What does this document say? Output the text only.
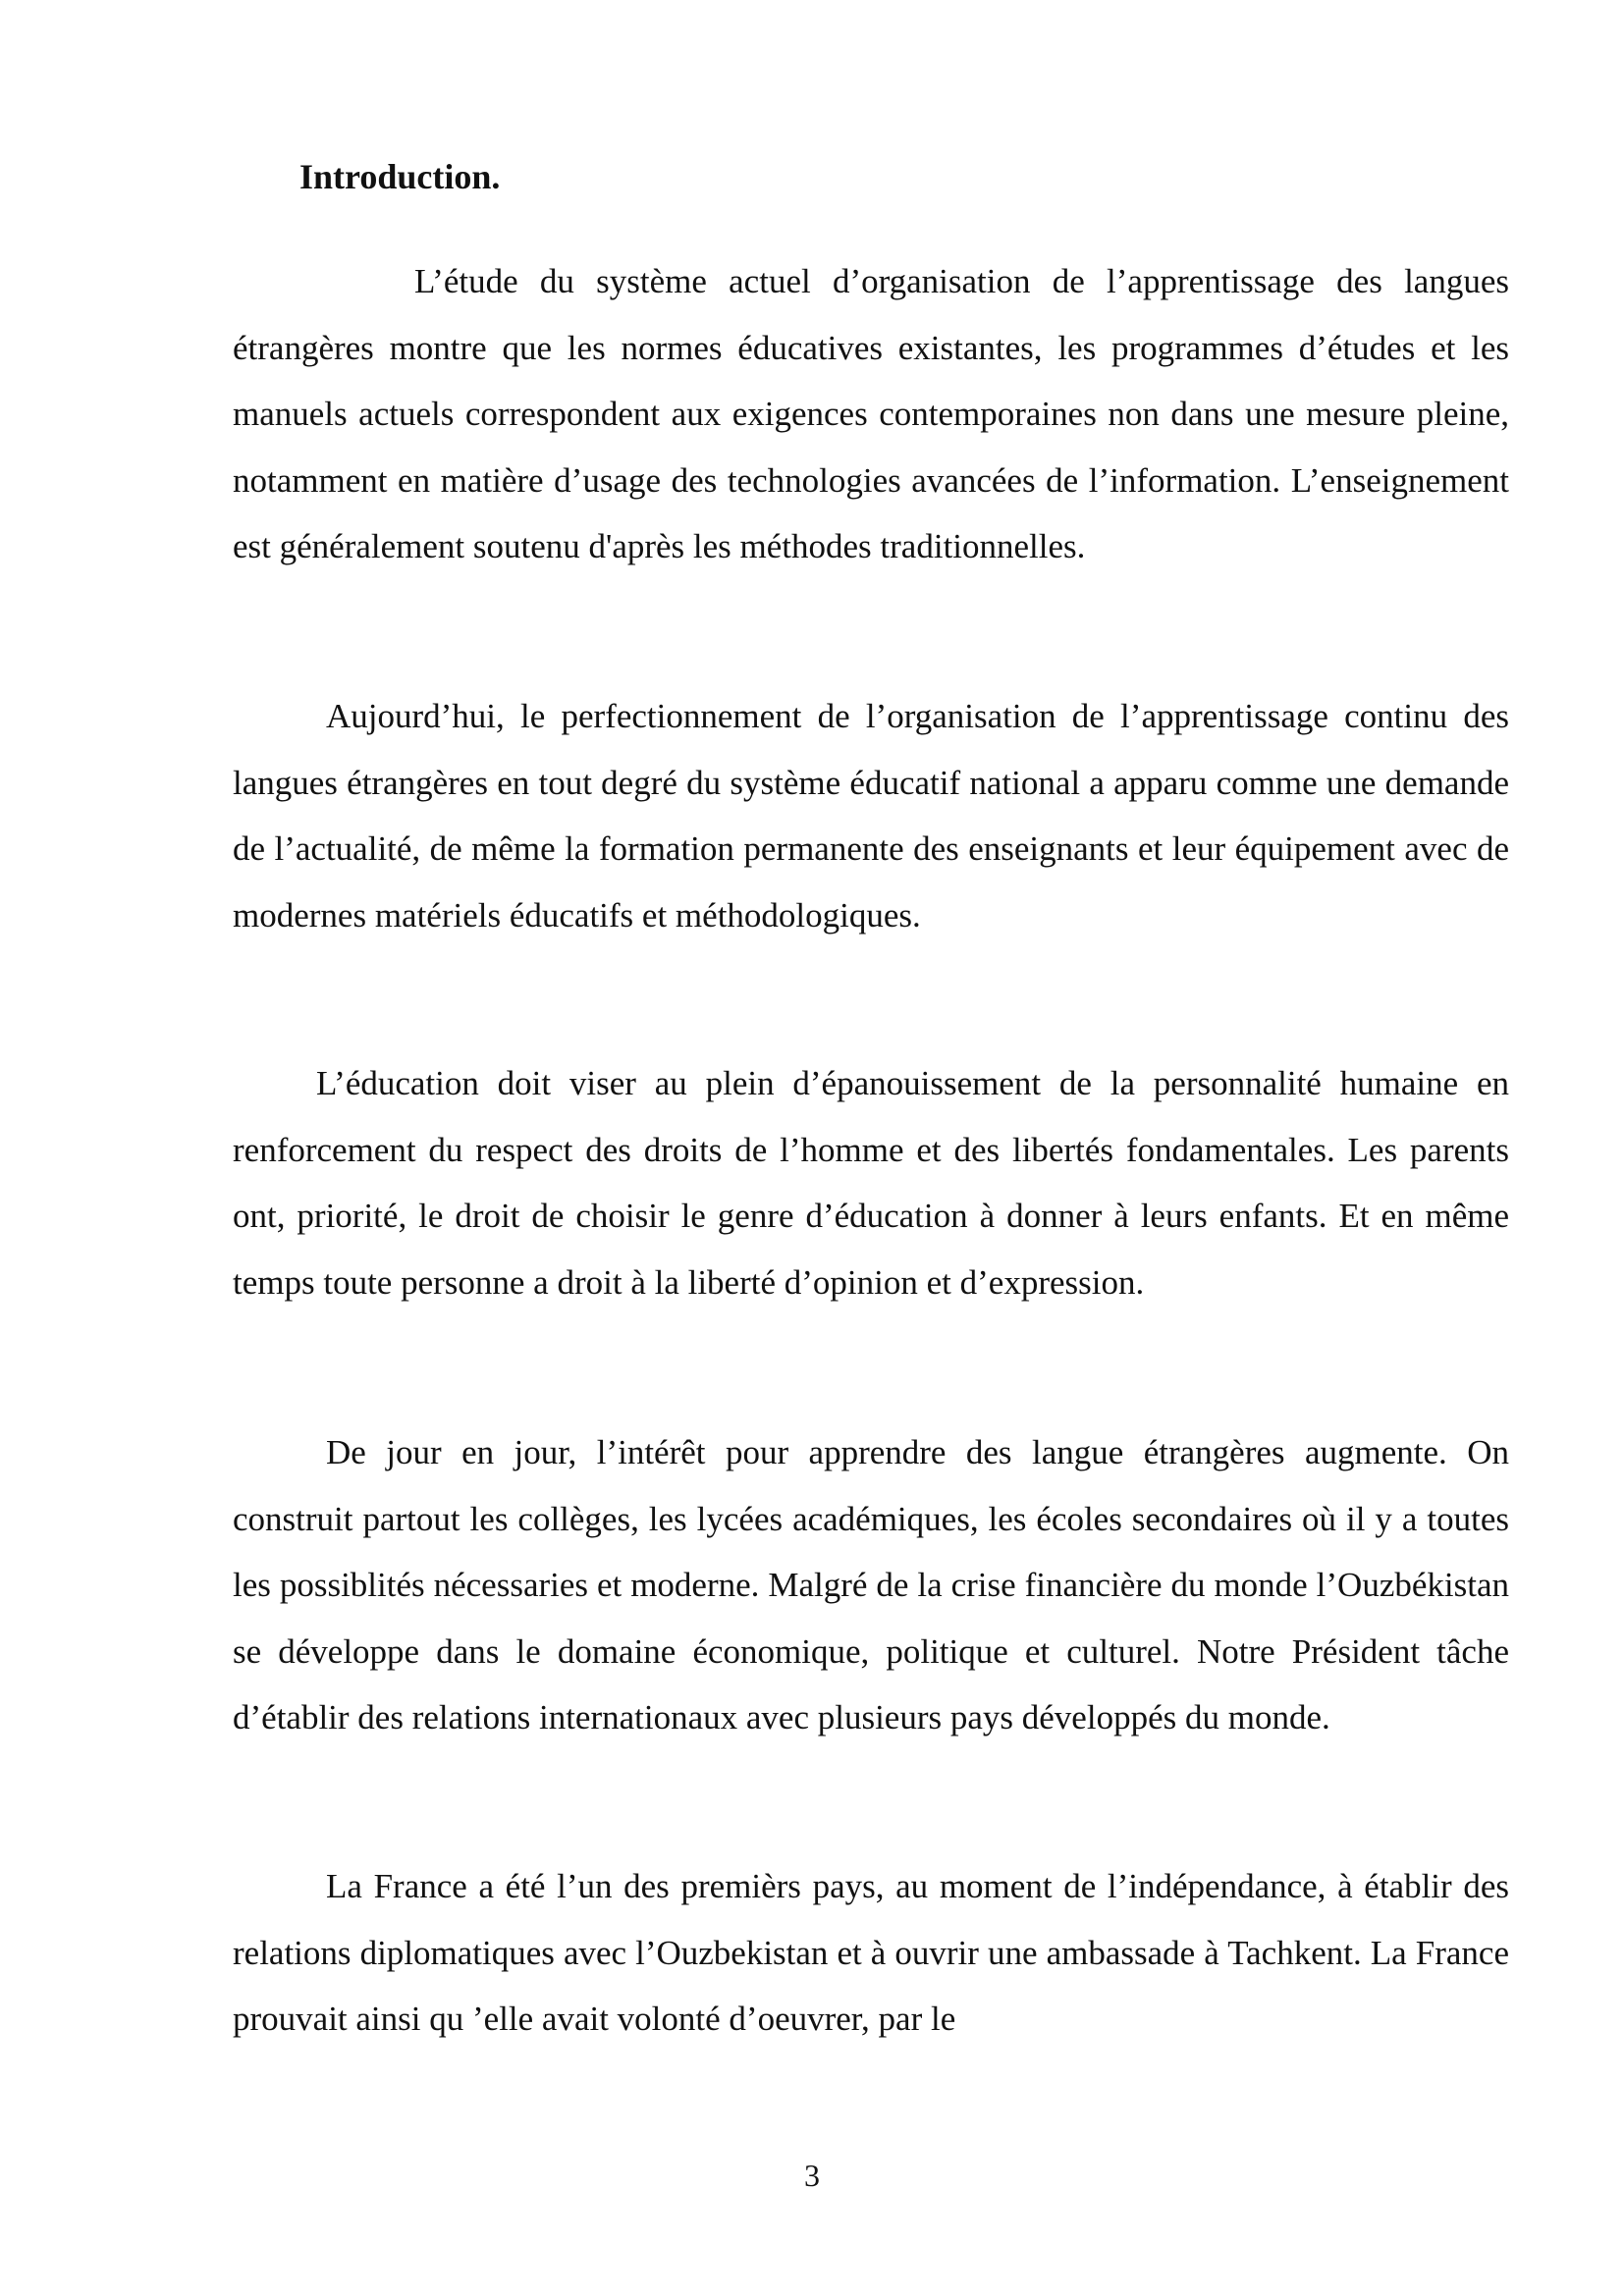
Introduction.

L’étude du système actuel d’organisation de l’apprentissage des langues étrangères montre que les normes éducatives existantes, les programmes d’études et les manuels actuels correspondent aux exigences contemporaines non dans une mesure pleine, notamment en matière d’usage des technologies avancées de l’information. L’enseignement est généralement soutenu d'après les méthodes traditionnelles.

Aujourd’hui, le perfectionnement de l’organisation de l’apprentissage continu des langues étrangères en tout degré du système éducatif national a apparu comme une demande de l’actualité, de même la formation permanente des enseignants et leur équipement avec de modernes matériels éducatifs et méthodologiques.

L’éducation doit viser au plein d’épanouissement de la personnalité humaine en renforcement du respect des droits de l’homme et des libertés fondamentales. Les parents ont, priorité, le droit de choisir le genre d’éducation à donner à leurs enfants. Et en même temps toute personne a droit à la liberté d’opinion et d’expression.

De jour en jour, l’intérêt pour apprendre des langue étrangères augmente. On construit partout les collèges, les lycées académiques, les écoles secondaires où il y a toutes les possiblités nécessaries et moderne. Malgré de la crise financière du monde l’Ouzbékistan se développe dans le domaine économique, politique et culturel. Notre Président tâche d’établir des relations internationaux avec plusieurs pays développés du monde.

La France a été l’un des premièrs pays, au moment de l’indépendance, à établir des relations diplomatiques avec l’Ouzbekistan et à ouvrir une ambassade à Tachkent. La France prouvait ainsi qu ’elle avait volonté d’oeuvrer, par le

3
